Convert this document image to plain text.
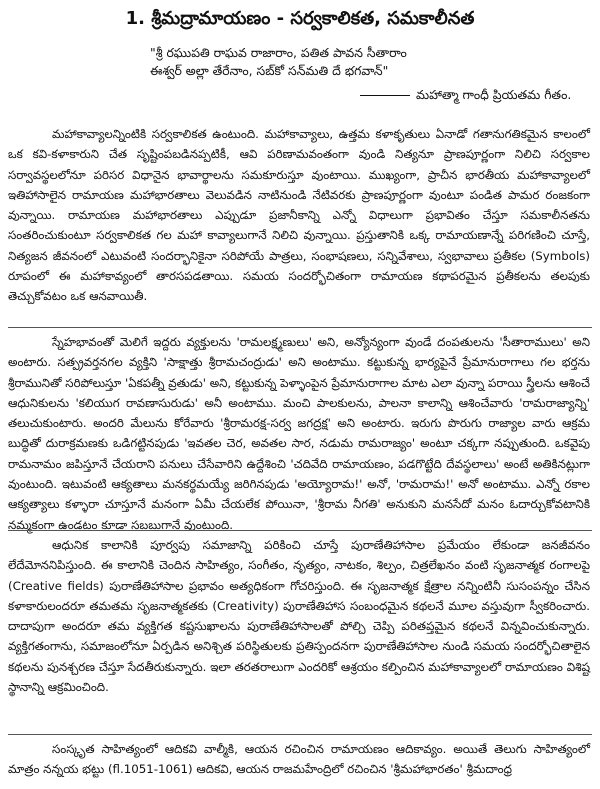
1. శ్రీమద్రామాయణం - సర్వకాలికత, సమకాలీనత
"శ్రీ రఘుపతి రాఘవ రాజారాం, పతిత పావన సీతారాం
ఈశ్వర్ అల్లా తేరేనాం, సబ్‌కో సన్‌మతి దే భగవాన్"
మహాత్మా గాంధీ ప్రియతమ గీతం.

మహాకావ్యాలన్నింటికి సర్వకాలికత ఉంటుంది. మహాకావ్యాలు, ఉత్తమ కళాకృతులు ఏనాడో గతానుగతికమైన కాలంలో ఒక కవి-కళాకారుని చేత సృష్టింపబడినప్పటికీ, ఆవి పరిణామవంతంగా వుండి నిత్యనూ ప్రాణపూర్ణంగా నిలిచి సర్వకాల సర్వావస్థలలోనూ పరిసర విధానైన భావార్థాలను సమకూరుస్తూ వుంటాయి. ముఖ్యంగా, ప్రాచీన భారతీయ మహాకావ్యాలలో ఇతిహాసాలైన రామాయణ మహాభారతాలు వెలువడిన నాటినుండి నేటివరకు ప్రాణపూర్ణంగా వుంటూ పండిత పామర రంజకంగా వున్నాయి. రామాయణ మహాభారతాలు ఎప్పుడూ ప్రజానీకాన్ని ఎన్నో విధాలుగా ప్రభావితం చేస్తూ సమకాలీనతను సంతరించుకుంటూ సర్వకాలికత గల మహా కావ్యాలుగానే నిలిచి వున్నాయి. ప్రస్తుతానికి ఒక్క రామాయణాన్నే పరిగణించి చూస్తే, నిత్యజన జీవనంలో ఎటువంటి సందర్భానికైనా సరిపోయే పాత్రలు, సంభాషణలు, సన్నివేశాలు, స్వభావాలు ప్రతీకల (Symbols) రూపంలో ఈ మహాకావ్యంలో తారసపడతాయి. సమయ సందర్భోచితంగా రామాయణ కథాపరమైన ప్రతీకలను తలపుకు తెచ్చుకోవటం ఒక ఆనవాయితీ.

స్నేహభావంతో మెలిగే ఇద్దరు వ్యక్తులను 'రామలక్ష్మణులు' అని, అన్యోన్యంగా వుండే దంపతులను 'సీతారాములు' అని అంటారు. సత్ప్రవర్తనగల వ్యక్తిని 'సాక్షాత్తు శ్రీరామచంద్రుడు' అని అంటాము. కట్టుకున్న భార్యపైనే ప్రేమానురాగాలు గల భర్తను శ్రీరామునితో సరిపోలుస్తూ 'ఏకపత్నీ వ్రతుడు' అని, కట్టుకున్న పెళ్ళాంపైన ప్రేమానురాగాల మాట ఎలా వున్నా పరాయి స్త్రీలను ఆశించే ఆధునికులను 'కలియుగ రావణాసురుడు' అనీ అంటాము. మంచి పాలకులను, పాలనా కాలాన్ని ఆశించేవారు 'రామరాజ్యాన్ని' తలుచుకుంటారు. అందరి మేలును కోరేవారు 'శ్రీరామరక్ష-సర్వ జగద్రక్ష' అని అంటారు. ఇరుగు పొరుగు రాజ్యాల వారు ఆక్రమ బుద్ధితో దురాక్రమణకు ఒడిగట్టినపుడు 'ఇవతల చెర, అవతల సార, నడుమ రామరాజ్యం' అంటూ చక్కగా నప్పుతుంది. ఒకవైపు రామనామం జపిస్తూనే చేయరాని పనులు చేసేవారిని ఉద్దేశించి 'చదివేది రామాయణం, పడగొట్టేది దేవస్థలాలు' అంటే అతికినట్లుగా వుంటుంది. ఇటువంటి ఆక్యతాలు మనకర్థమయ్యే జరిగినపుడు 'అయ్యోరామ!' అనో, 'రామరామ!' అనో అంటాము. ఎన్నో రకాల ఆక్యత్యాలు కళ్ళారా చూస్తూనే మనంగా ఏమీ చేయలేక పోయినా, 'శ్రీరామ నీగతి' అనుకుని మనసేదో మనం ఓదార్చుకోవటానికి నమ్మకంగా ఉండటం కూడా సబబుగానే వుంటుంది.

ఆధునిక కాలానికి పూర్వపు సమాజాన్ని పరికించి చూస్తే పురాణేతిహాసాల ప్రమేయం లేకుండా జనజీవనం లేదేమోననిపిస్తుంది. ఈ కాలానికి చెందిన సాహిత్యం, సంగీతం, నృత్యం, నాటకం, శిల్పం, చిత్రలేఖనం వంటి సృజనాత్మక రంగాలపై (Creative fields) పురాణేతిహాసాల ప్రభావం అత్యధికంగా గోచరిస్తుంది. ఈ సృజనాత్మక క్షేత్రాల నన్నింటినీ సుసంపన్నం చేసిన కళాకారులందరూ తమతమ సృజనాత్మకతకు (Creativity) పురాణేతిహాస సంబంధమైన కథలనే మూల వస్తువుగా స్వీకరించారు. దాదాపుగా అందరూ తమ వ్యక్తిగత కష్టసుఖాలను పురాణేతిహాసాలతో పోల్చి చెప్పి పరితప్తమైన కథలనే విన్నవించుకున్నారు. వ్యక్తిగతంగాను, సమాజంలోనూ ఏర్పడిన అనిశ్చిత పరిస్థితులకు ప్రతిస్పందనగా పురాణేతిహాసాల నుండి సమయ సందర్భోచితాలైన కథలను పునశ్చరణ చేస్తూ సేదతీరుకున్నారు. ఇలా తరతరాలుగా ఎందరికో ఆశ్రయం కల్పించిన మహాకావ్యాలలో రామాయణం విశిష్ట స్థానాన్ని ఆక్రమించింది.

సంస్కృత సాహిత్యంలో ఆదికవి వాల్మీకి, ఆయన రచించిన రామాయణం ఆదికావ్యం. అయితే తెలుగు సాహిత్యంలో మాత్రం నన్నయ భట్టు (fl.1051-1061) ఆదికవి, ఆయన రాజమహేంద్రిలో రచించిన 'శ్రీమహాభారతం' శ్రీమదాంధ్ర
